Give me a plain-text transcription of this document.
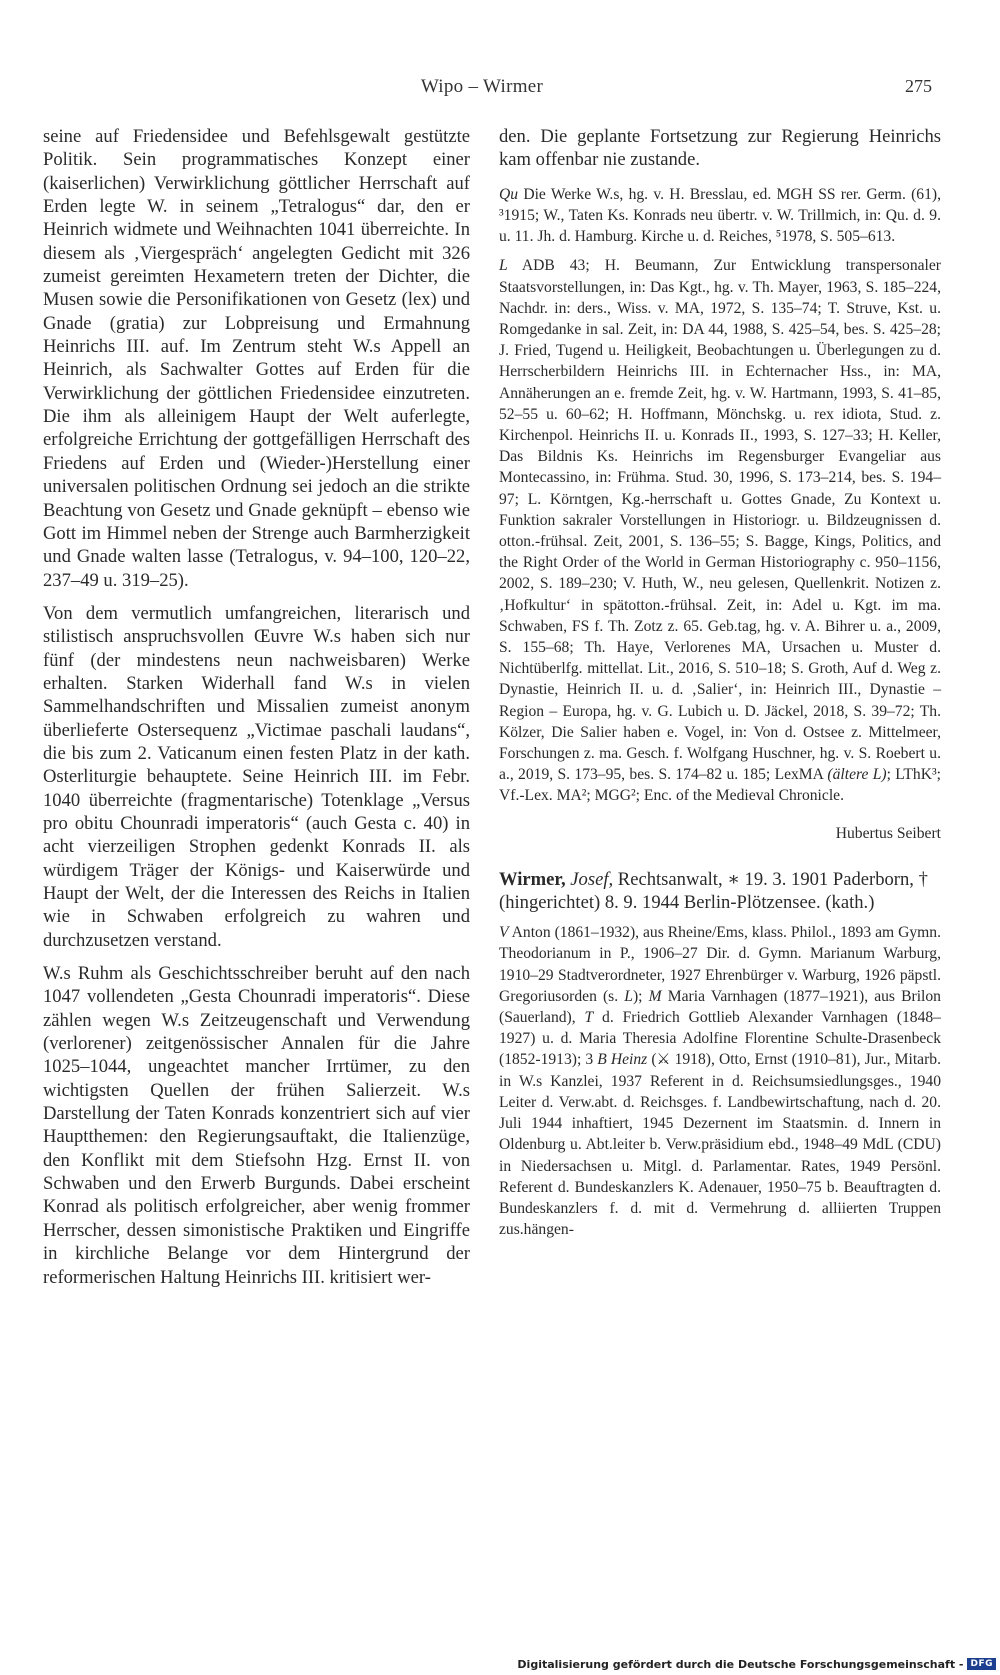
Wipo – Wirmer	275

seine auf Friedensidee und Befehlsgewalt gestützte Politik. Sein programmatisches Konzept einer (kaiserlichen) Verwirklichung göttlicher Herrschaft auf Erden legte W. in seinem „Tetralogus“ dar, den er Heinrich widmete und Weihnachten 1041 überreichte. In diesem als ‚Viergespräch‘ angelegten Gedicht mit 326 zumeist gereimten Hexametern treten der Dichter, die Musen sowie die Personifikationen von Gesetz (lex) und Gnade (gratia) zur Lobpreisung und Ermahnung Heinrichs III. auf. Im Zentrum steht W.s Appell an Heinrich, als Sachwalter Gottes auf Erden für die Verwirklichung der göttlichen Friedensidee einzutreten. Die ihm als alleinigem Haupt der Welt auferlegte, erfolgreiche Errichtung der gottgefälligen Herrschaft des Friedens auf Erden und (Wieder-)Herstellung einer universalen politischen Ordnung sei jedoch an die strikte Beachtung von Gesetz und Gnade geknüpft – ebenso wie Gott im Himmel neben der Strenge auch Barmherzigkeit und Gnade walten lasse (Tetralogus, v. 94–100, 120–22, 237–49 u. 319–25).

Von dem vermutlich umfangreichen, literarisch und stilistisch anspruchsvollen Œuvre W.s haben sich nur fünf (der mindestens neun nachweisbaren) Werke erhalten. Starken Widerhall fand W.s in vielen Sammelhandschriften und Missalien zumeist anonym überlieferte Ostersequenz „Victimae paschali laudans“, die bis zum 2. Vaticanum einen festen Platz in der kath. Osterliturgie behauptete. Seine Heinrich III. im Febr. 1040 überreichte (fragmentarische) Totenklage „Versus pro obitu Chounradi imperatoris“ (auch Gesta c. 40) in acht vierzeiligen Strophen gedenkt Konrads II. als würdigem Träger der Königs- und Kaiserwürde und Haupt der Welt, der die Interessen des Reichs in Italien wie in Schwaben erfolgreich zu wahren und durchzusetzen verstand.

W.s Ruhm als Geschichtsschreiber beruht auf den nach 1047 vollendeten „Gesta Chounradi imperatoris“. Diese zählen wegen W.s Zeitzeugenschaft und Verwendung (verlorener) zeitgenössischer Annalen für die Jahre 1025–1044, ungeachtet mancher Irrtümer, zu den wichtigsten Quellen der frühen Salierzeit. W.s Darstellung der Taten Konrads konzentriert sich auf vier Hauptthemen: den Regierungsauftakt, die Italienzüge, den Konflikt mit dem Stiefsohn Hzg. Ernst II. von Schwaben und den Erwerb Burgunds. Dabei erscheint Konrad als politisch erfolgreicher, aber wenig frommer Herrscher, dessen simonistische Praktiken und Eingriffe in kirchliche Belange vor dem Hintergrund der reformerischen Haltung Heinrichs III. kritisiert wer-

den. Die geplante Fortsetzung zur Regierung Heinrichs kam offenbar nie zustande.

Qu Die Werke W.s, hg. v. H. Bresslau, ed. MGH SS rer. Germ. (61), ³1915; W., Taten Ks. Konrads neu übertr. v. W. Trillmich, in: Qu. d. 9. u. 11. Jh. d. Hamburg. Kirche u. d. Reiches, ⁵1978, S. 505–613.

L ADB 43; H. Beumann, Zur Entwicklung transpersonaler Staatsvorstellungen, in: Das Kgt., hg. v. Th. Mayer, 1963, S. 185–224, Nachdr. in: ders., Wiss. v. MA, 1972, S. 135–74; T. Struve, Kst. u. Romgedanke in sal. Zeit, in: DA 44, 1988, S. 425–54, bes. S. 425–28; J. Fried, Tugend u. Heiligkeit, Beobachtungen u. Überlegungen zu d. Herrscherbildern Heinrichs III. in Echternacher Hss., in: MA, Annäherungen an e. fremde Zeit, hg. v. W. Hartmann, 1993, S. 41–85, 52–55 u. 60–62; H. Hoffmann, Mönchskg. u. rex idiota, Stud. z. Kirchenpol. Heinrichs II. u. Konrads II., 1993, S. 127–33; H. Keller, Das Bildnis Ks. Heinrichs im Regensburger Evangeliar aus Montecassino, in: Frühma. Stud. 30, 1996, S. 173–214, bes. S. 194–97; L. Körntgen, Kg.-herrschaft u. Gottes Gnade, Zu Kontext u. Funktion sakraler Vorstellungen in Historiogr. u. Bildzeugnissen d. otton.-frühsal. Zeit, 2001, S. 136–55; S. Bagge, Kings, Politics, and the Right Order of the World in German Historiography c. 950–1156, 2002, S. 189–230; V. Huth, W., neu gelesen, Quellenkrit. Notizen z. ‚Hofkultur‘ in spätotton.-frühsal. Zeit, in: Adel u. Kgt. im ma. Schwaben, FS f. Th. Zotz z. 65. Geb.tag, hg. v. A. Bihrer u. a., 2009, S. 155–68; Th. Haye, Verlorenes MA, Ursachen u. Muster d. Nichtüberlfg. mittellat. Lit., 2016, S. 510–18; S. Groth, Auf d. Weg z. Dynastie, Heinrich II. u. d. ‚Salier‘, in: Heinrich III., Dynastie – Region – Europa, hg. v. G. Lubich u. D. Jäckel, 2018, S. 39–72; Th. Kölzer, Die Salier haben e. Vogel, in: Von d. Ostsee z. Mittelmeer, Forschungen z. ma. Gesch. f. Wolfgang Huschner, hg. v. S. Roebert u. a., 2019, S. 173–95, bes. S. 174–82 u. 185; LexMA (ältere L); LThK³; Vf.-Lex. MA²; MGG²; Enc. of the Medieval Chronicle.

Hubertus Seibert

Wirmer, Josef, Rechtsanwalt, ∗ 19. 3. 1901 Paderborn, † (hingerichtet) 8. 9. 1944 Berlin-Plötzensee. (kath.)

V Anton (1861–1932), aus Rheine/Ems, klass. Philol., 1893 am Gymn. Theodorianum in P., 1906–27 Dir. d. Gymn. Marianum Warburg, 1910–29 Stadtverordneter, 1927 Ehrenbürger v. Warburg, 1926 päpstl. Gregoriusorden (s. L); M Maria Varnhagen (1877–1921), aus Brilon (Sauerland), T d. Friedrich Gottlieb Alexander Varnhagen (1848–1927) u. d. Maria Theresia Adolfine Florentine Schulte-Drasenbeck (1852-1913); 3 B Heinz (⚔ 1918), Otto, Ernst (1910–81), Jur., Mitarb. in W.s Kanzlei, 1937 Referent in d. Reichsumsiedlungsges., 1940 Leiter d. Verw.abt. d. Reichsges. f. Landbewirtschaftung, nach d. 20. Juli 1944 inhaftiert, 1945 Dezernent im Staatsmin. d. Innern in Oldenburg u. Abt.leiter b. Verw.präsidium ebd., 1948–49 MdL (CDU) in Niedersachsen u. Mitgl. d. Parlamentar. Rates, 1949 Persönl. Referent d. Bundeskanzlers K. Adenauer, 1950–75 b. Beauftragten d. Bundeskanzlers f. d. mit d. Vermehrung d. alliierten Truppen zus.hängen-

Digitalisierung gefördert durch die Deutsche Forschungsgemeinschaft - DFG
